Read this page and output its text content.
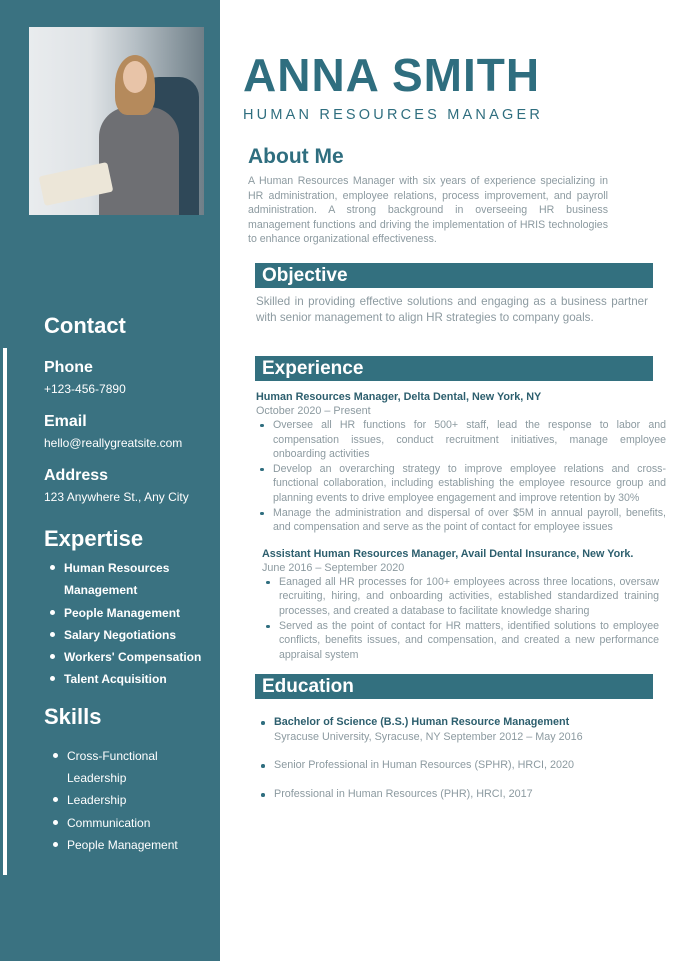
Contact
Phone
+123-456-7890
Email
hello@reallygreatsite.com
Address
123 Anywhere St., Any City
Expertise
Human Resources Management
People Management
Salary Negotiations
Workers' Compensation
Talent Acquisition
Skills
Cross-Functional Leadership
Leadership
Communication
People Management
ANNA SMITH
HUMAN RESOURCES MANAGER
About Me
A Human Resources Manager with six years of experience specializing in HR administration, employee relations, process improvement, and payroll administration. A strong background in overseeing HR business management functions and driving the implementation of HRIS technologies to enhance organizational effectiveness.
Objective
Skilled in providing effective solutions and engaging as a business partner with senior management to align HR strategies to company goals.
Experience
Human Resources Manager, Delta Dental, New York, NY
October 2020 – Present
Oversee all HR functions for 500+ staff, lead the response to labor and compensation issues, conduct recruitment initiatives, manage employee onboarding activities
Develop an overarching strategy to improve employee relations and cross-functional collaboration, including establishing the employee resource group and planning events to drive employee engagement and improve retention by 30%
Manage the administration and dispersal of over $5M in annual payroll, benefits, and compensation and serve as the point of contact for employee issues
Assistant Human Resources Manager, Avail Dental Insurance, New York.
June 2016 – September 2020
Eanaged all HR processes for 100+ employees across three locations, oversaw recruiting, hiring, and onboarding activities, established standardized training processes, and created a database to facilitate knowledge sharing
Served as the point of contact for HR matters, identified solutions to employee conflicts, benefits issues, and compensation, and created a new performance appraisal system
Education
Bachelor of Science (B.S.) Human Resource Management
Syracuse University, Syracuse, NY September 2012 – May 2016
Senior Professional in Human Resources (SPHR), HRCI, 2020
Professional in Human Resources (PHR), HRCI, 2017
